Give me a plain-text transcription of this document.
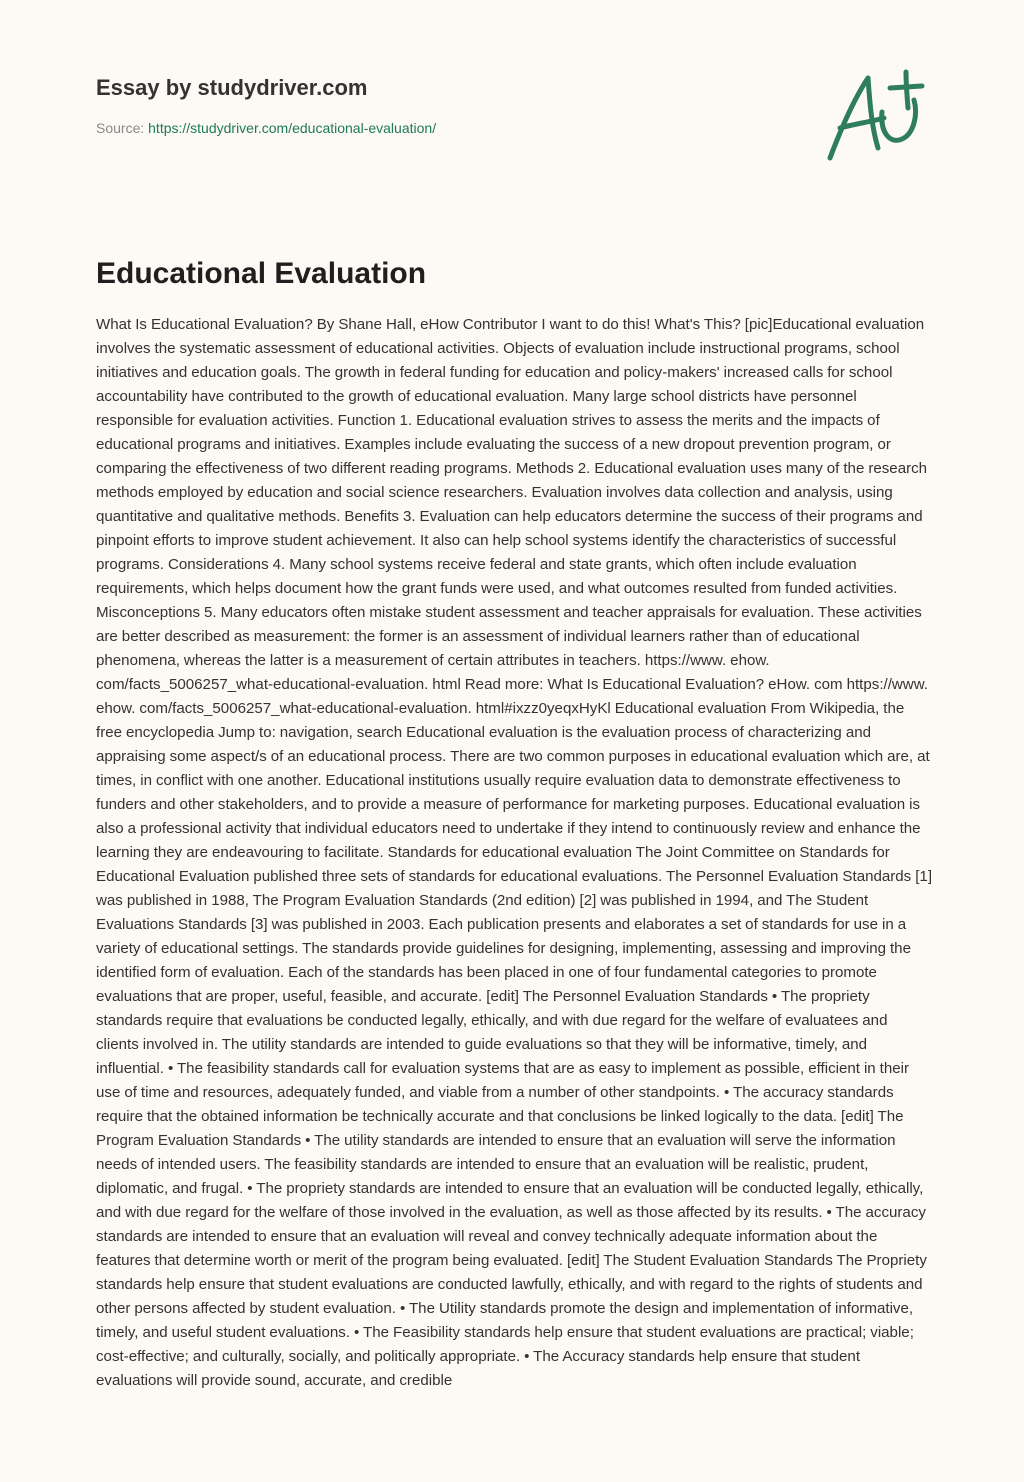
Essay by studydriver.com
Source: https://studydriver.com/educational-evaluation/
Educational Evaluation

What Is Educational Evaluation? By Shane Hall, eHow Contributor I want to do this! What's This? [pic]Educational evaluation involves the systematic assessment of educational activities. Objects of evaluation include instructional programs, school initiatives and education goals. The growth in federal funding for education and policy-makers' increased calls for school accountability have contributed to the growth of educational evaluation. Many large school districts have personnel responsible for evaluation activities. Function 1. Educational evaluation strives to assess the merits and the impacts of educational programs and initiatives. Examples include evaluating the success of a new dropout prevention program, or comparing the effectiveness of two different reading programs. Methods 2. Educational evaluation uses many of the research methods employed by education and social science researchers. Evaluation involves data collection and analysis, using quantitative and qualitative methods. Benefits 3. Evaluation can help educators determine the success of their programs and pinpoint efforts to improve student achievement. It also can help school systems identify the characteristics of successful programs. Considerations 4. Many school systems receive federal and state grants, which often include evaluation requirements, which helps document how the grant funds were used, and what outcomes resulted from funded activities. Misconceptions 5. Many educators often mistake student assessment and teacher appraisals for evaluation. These activities are better described as measurement: the former is an assessment of individual learners rather than of educational phenomena, whereas the latter is a measurement of certain attributes in teachers. https://www. ehow. com/facts_5006257_what-educational-evaluation. html Read more: What Is Educational Evaluation? eHow. com https://www. ehow. com/facts_5006257_what-educational-evaluation. html#ixzz0yeqxHyKl Educational evaluation From Wikipedia, the free encyclopedia Jump to: navigation, search Educational evaluation is the evaluation process of characterizing and appraising some aspect/s of an educational process. There are two common purposes in educational evaluation which are, at times, in conflict with one another. Educational institutions usually require evaluation data to demonstrate effectiveness to funders and other stakeholders, and to provide a measure of performance for marketing purposes. Educational evaluation is also a professional activity that individual educators need to undertake if they intend to continuously review and enhance the learning they are endeavouring to facilitate. Standards for educational evaluation The Joint Committee on Standards for Educational Evaluation published three sets of standards for educational evaluations. The Personnel Evaluation Standards [1] was published in 1988, The Program Evaluation Standards (2nd edition) [2] was published in 1994, and The Student Evaluations Standards [3] was published in 2003. Each publication presents and elaborates a set of standards for use in a variety of educational settings. The standards provide guidelines for designing, implementing, assessing and improving the identified form of evaluation. Each of the standards has been placed in one of four fundamental categories to promote evaluations that are proper, useful, feasible, and accurate. [edit] The Personnel Evaluation Standards • The propriety standards require that evaluations be conducted legally, ethically, and with due regard for the welfare of evaluatees and clients involved in. The utility standards are intended to guide evaluations so that they will be informative, timely, and influential. • The feasibility standards call for evaluation systems that are as easy to implement as possible, efficient in their use of time and resources, adequately funded, and viable from a number of other standpoints. • The accuracy standards require that the obtained information be technically accurate and that conclusions be linked logically to the data. [edit] The Program Evaluation Standards • The utility standards are intended to ensure that an evaluation will serve the information needs of intended users. The feasibility standards are intended to ensure that an evaluation will be realistic, prudent, diplomatic, and frugal. • The propriety standards are intended to ensure that an evaluation will be conducted legally, ethically, and with due regard for the welfare of those involved in the evaluation, as well as those affected by its results. • The accuracy standards are intended to ensure that an evaluation will reveal and convey technically adequate information about the features that determine worth or merit of the program being evaluated. [edit] The Student Evaluation Standards The Propriety standards help ensure that student evaluations are conducted lawfully, ethically, and with regard to the rights of students and other persons affected by student evaluation. • The Utility standards promote the design and implementation of informative, timely, and useful student evaluations. • The Feasibility standards help ensure that student evaluations are practical; viable; cost-effective; and culturally, socially, and politically appropriate. • The Accuracy standards help ensure that student evaluations will provide sound, accurate, and credible
